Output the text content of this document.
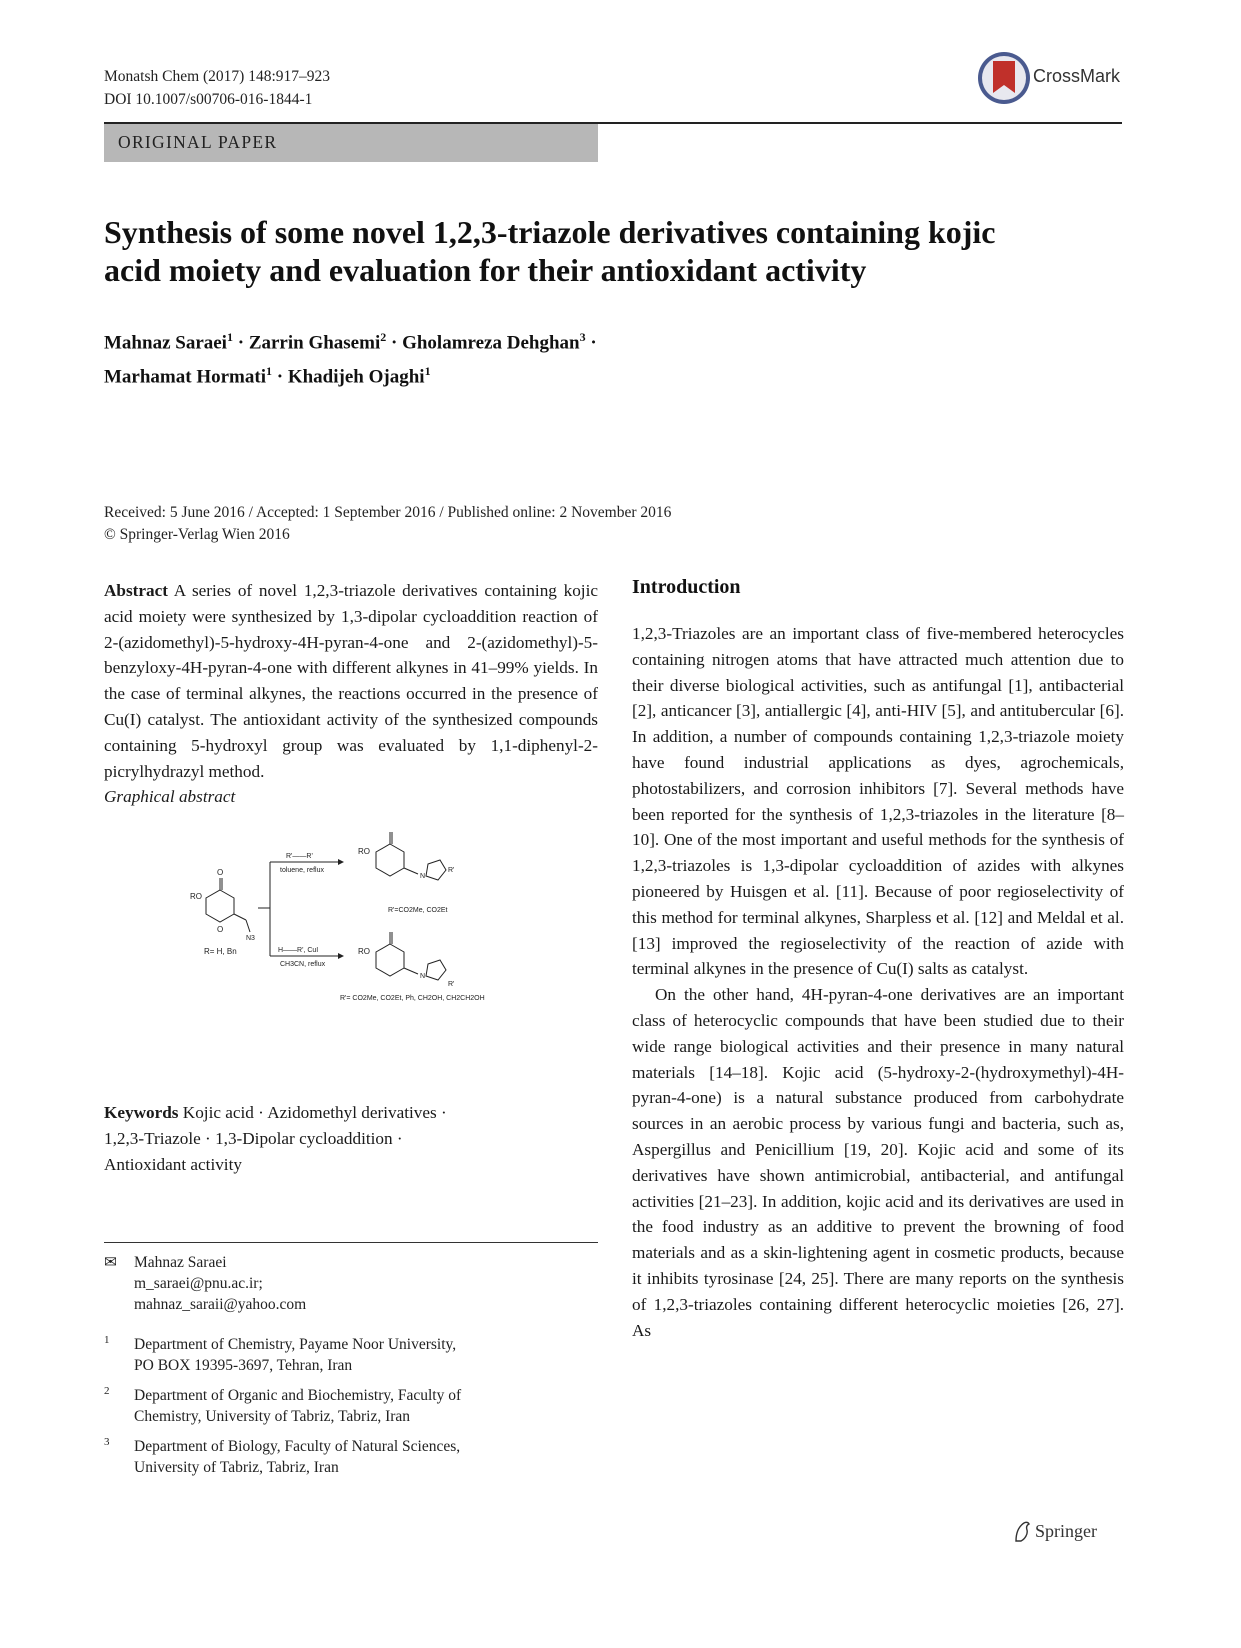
Monatsh Chem (2017) 148:917–923
DOI 10.1007/s00706-016-1844-1
CrossMark
ORIGINAL PAPER
Synthesis of some novel 1,2,3-triazole derivatives containing kojic
acid moiety and evaluation for their antioxidant activity
Mahnaz Saraei$^1$ · Zarrin Ghasemi$^2$ · Gholamreza Dehghan$^3$ ·
Marhamat Hormati$^1$ · Khadijeh Ojaghi$^1$
Received: 5 June 2016 / Accepted: 1 September 2016 / Published online: 2 November 2016
© Springer-Verlag Wien 2016

Abstract A series of novel 1,2,3-triazole derivatives containing kojic acid moiety were synthesized by 1,3-dipolar cycloaddition reaction of 2-(azidomethyl)-5-hydroxy-4H-pyran-4-one and 2-(azidomethyl)-5-benzyloxy-4H-pyran-4-one with different alkynes in 41–99% yields. In the case of terminal alkynes, the reactions occurred in the presence of Cu(I) catalyst. The antioxidant activity of the synthesized compounds containing 5-hydroxyl group was evaluated by 1,1-diphenyl-2-picrylhydrazyl method.

Graphical abstract
O
O
RO
N3
R= H, Bn
R'——R'
toluene, reflux
H——R', CuI
CH3CN, reflux
RO
N
R'
R'=CO2Me, CO2Et
RO
N
R'
R'= CO2Me, CO2Et, Ph, CH2OH, CH2CH2OH

Keywords Kojic acid · Azidomethyl derivatives ·

1,2,3-Triazole · 1,3-Dipolar cycloaddition ·

Antioxidant activity

✉ Mahnaz Saraei
m_saraei@pnu.ac.ir;
mahnaz_saraii@yahoo.com
1 Department of Chemistry, Payame Noor University,
PO BOX 19395-3697, Tehran, Iran
2 Department of Organic and Biochemistry, Faculty of
Chemistry, University of Tabriz, Tabriz, Iran
3 Department of Biology, Faculty of Natural Sciences,
University of Tabriz, Tabriz, Iran
Introduction

1,2,3-Triazoles are an important class of five-membered heterocycles containing nitrogen atoms that have attracted much attention due to their diverse biological activities, such as antifungal [1], antibacterial [2], anticancer [3], antiallergic [4], anti-HIV [5], and antitubercular [6]. In addition, a number of compounds containing 1,2,3-triazole moiety have found industrial applications as dyes, agrochemicals, photostabilizers, and corrosion inhibitors [7]. Several methods have been reported for the synthesis of 1,2,3-triazoles in the literature [8–10]. One of the most important and useful methods for the synthesis of 1,2,3-triazoles is 1,3-dipolar cycloaddition of azides with alkynes pioneered by Huisgen et al. [11]. Because of poor regioselectivity of this method for terminal alkynes, Sharpless et al. [12] and Meldal et al. [13] improved the regioselectivity of the reaction of azide with terminal alkynes in the presence of Cu(I) salts as catalyst.

On the other hand, 4H-pyran-4-one derivatives are an important class of heterocyclic compounds that have been studied due to their wide range biological activities and their presence in many natural materials [14–18]. Kojic acid (5-hydroxy-2-(hydroxymethyl)-4H-pyran-4-one) is a natural substance produced from carbohydrate sources in an aerobic process by various fungi and bacteria, such as, Aspergillus and Penicillium [19, 20]. Kojic acid and some of its derivatives have shown antimicrobial, antibacterial, and antifungal activities [21–23]. In addition, kojic acid and its derivatives are used in the food industry as an additive to prevent the browning of food materials and as a skin-lightening agent in cosmetic products, because it inhibits tyrosinase [24, 25]. There are many reports on the synthesis of 1,2,3-triazoles containing different heterocyclic moieties [26, 27]. As

Springer
